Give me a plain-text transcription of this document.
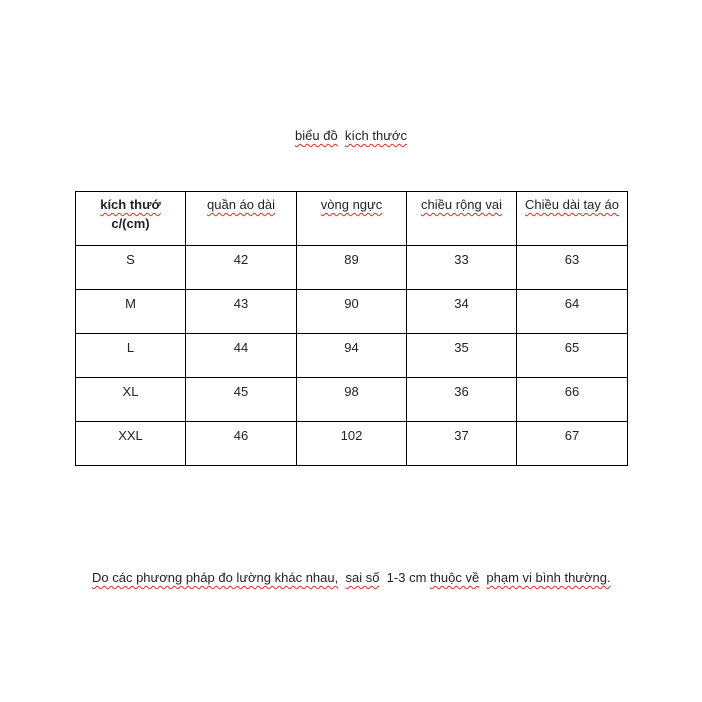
biểu đồ kích thước
kích thướ
c/(cm)	quần áo dài	vòng ngực	chiều rộng vai	Chiều dài tay áo
S	42	89	33	63
M	43	90	34	64
L	44	94	35	65
XL	45	98	36	66
XXL	46	102	37	67
Do các phương pháp đo lường khác nhau, sai số 1-3 cm thuộc về phạm vi bình thường.
